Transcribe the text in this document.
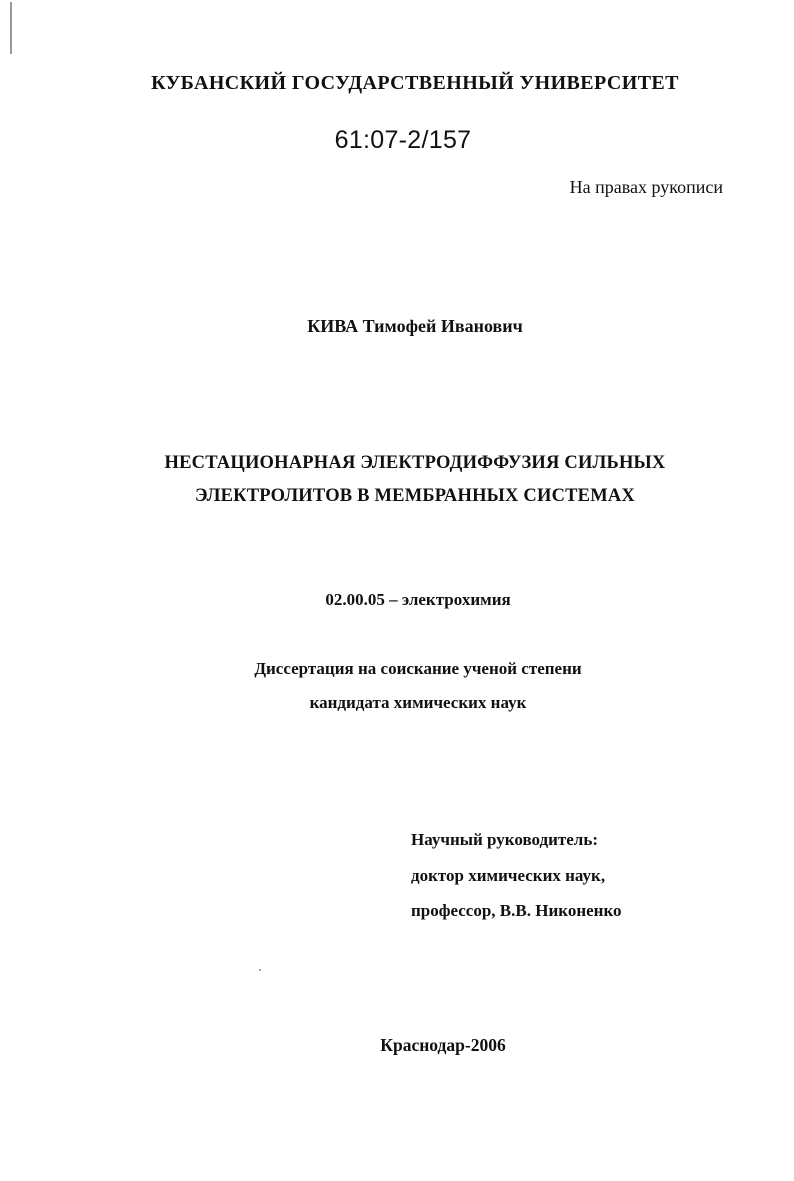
КУБАНСКИЙ ГОСУДАРСТВЕННЫЙ УНИВЕРСИТЕТ
61:07-2/157
На правах рукописи
КИВА Тимофей Иванович
НЕСТАЦИОНАРНАЯ ЭЛЕКТРОДИФФУЗИЯ СИЛЬНЫХ
ЭЛЕКТРОЛИТОВ В МЕМБРАННЫХ СИСТЕМАХ
02.00.05 – электрохимия
Диссертация на соискание ученой степени
кандидата химических наук
Научный руководитель:
доктор химических наук,
профессор, В.В. Никоненко
Краснодар-2006
